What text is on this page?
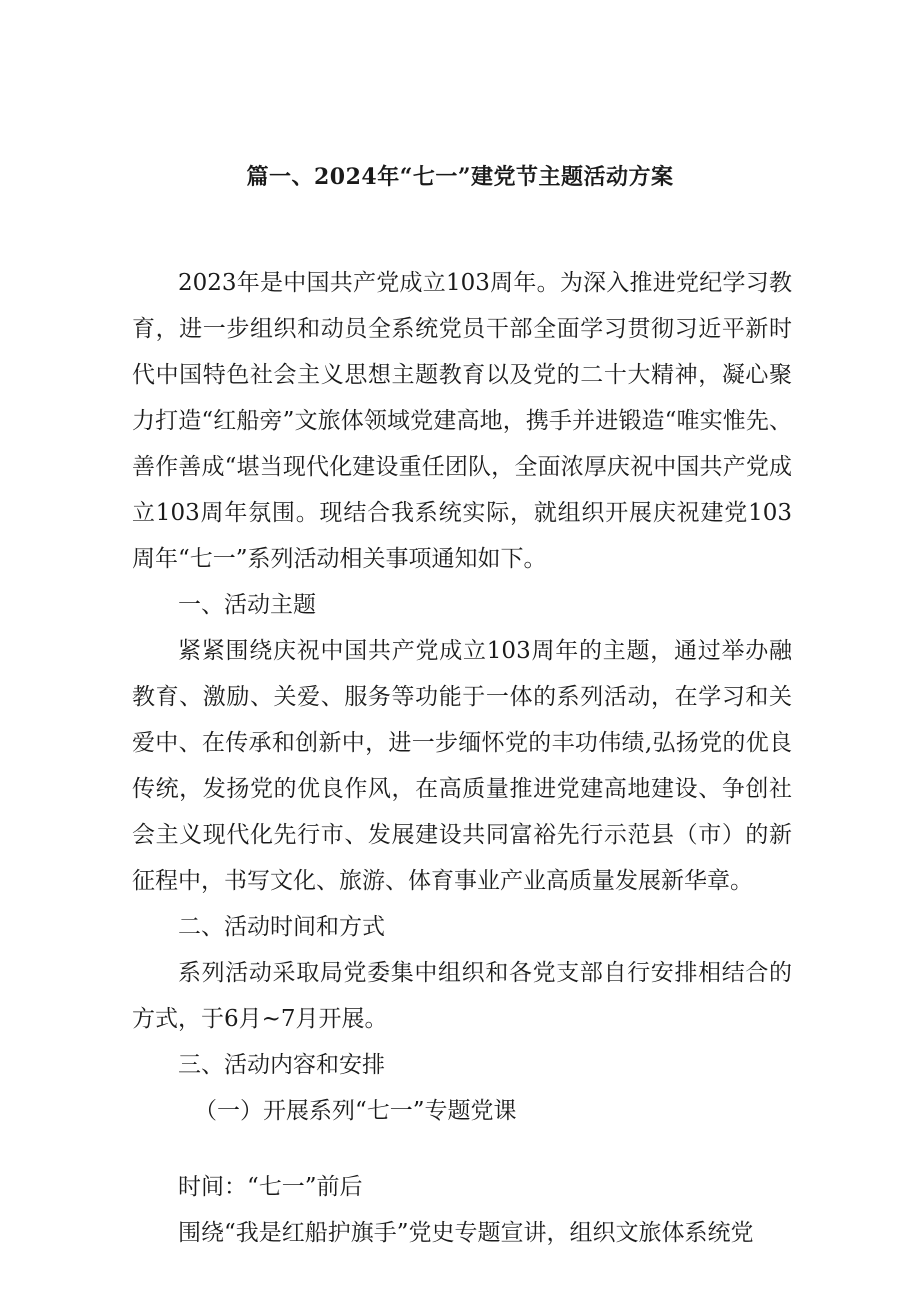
篇一、2024年“七一”建党节主题活动方案

2023年是中国共产党成立103周年。为深入推进党纪学习教育，进一步组织和动员全系统党员干部全面学习贯彻习近平新时代中国特色社会主义思想主题教育以及党的二十大精神，凝心聚力打造“红船旁”文旅体领域党建高地，携手并进锻造“唯实惟先、善作善成“堪当现代化建设重任团队，全面浓厚庆祝中国共产党成立103周年氛围。现结合我系统实际，就组织开展庆祝建党103周年“七一”系列活动相关事项通知如下。

一、活动主题

紧紧围绕庆祝中国共产党成立103周年的主题，通过举办融教育、激励、关爱、服务等功能于一体的系列活动，在学习和关爱中、在传承和创新中，进一步缅怀党的丰功伟绩,弘扬党的优良传统，发扬党的优良作风，在高质量推进党建高地建设、争创社会主义现代化先行市、发展建设共同富裕先行示范县（市）的新征程中，书写文化、旅游、体育事业产业高质量发展新华章。

二、活动时间和方式

系列活动采取局党委集中组织和各党支部自行安排相结合的方式，于6月~7月开展。

三、活动内容和安排

（一）开展系列“七一”专题党课

时间：“七一”前后

围绕“我是红船护旗手”党史专题宣讲，组织文旅体系统党
